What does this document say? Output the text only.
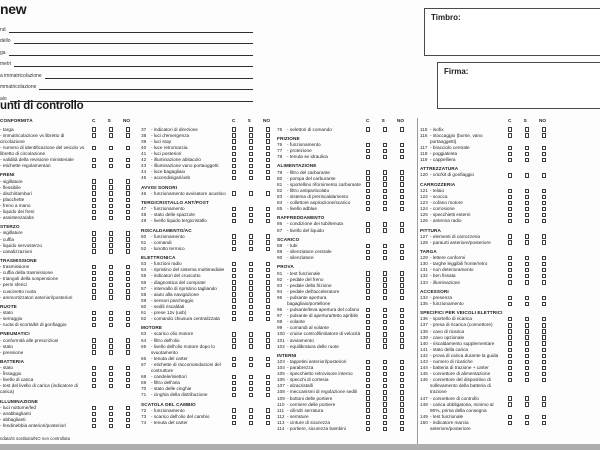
new
nd
dello
ga
metri
a immatricolazione
mmatricolazione
aio
Timbro:
Firma:
unti di controllo
CONFORMITÀ	C	S	NO
- targa
- immatricolazione vs libretto di circolazione
- numero di identificazione del veicolo vs libretto di circolazione
- validità della revisione ministeriale
- etichette regolamentari
FRENI
- sigillature
- flessibile
- dischi/tamburi
- placchette
- freno a mano
- liquido dei freni
- assistenza/abs
STERZO
- sigillature
- cuffia
- liquido servosterzo
- canalizzazioni
TRASMISSIONE
- trasmissione
- cuffia della trasmissione
- triangoli della sospensione
- perni sferici
- cuscinetto ruota
- ammortizzatori anteriori/posteriori
RUOTE
- stato
- serraggio
- ruota di scorta/kit di gonfiaggio
PNEUMATICI
- conformità alle prescrizioni
- stato
- pressione
BATTERIA
- stato
- fissaggio
- livello di carica
- test del livello di carica (indicatore di carica)
ILLUMINAZIONE
- luci notturne/led
- anabbaglianti
- abbaglianti
- fendinebbia anteriori/posteriori
C	S	NO
37	- indicatori di direzione
38	- luci d'emergenza
39	- luci stop
40	- luce retromarcia
41	- luci posteriori
42	- illuminazione abitacolo
43	- illuminazione vano portaoggetti
44	- luce bagagliaio
45	- accendisigari/usb
AVVISI SONORI
46	- funzionamento avvisatore acustico
TERGICRISTALLO ANT/POST
47	- funzionamento
48	- stato delle spazzole
49	- livello liquido tergicristallo
RISCALDAMENTO/AC
50	- funzionamento
51	- comandi
52	- lunotto termico
ELETTRONICA
53	- funzioni radio
54	- ripristino del sistema multimediale
55	- indicatori del cruscotto
56	- diagnostica del computer
57	- intervallo di ripristino tagliando
58	- aiuto alla navigazione
59	- sensori parcheggio
60	- sedili riscaldati
61	- prese 12v (usb)
62	- comando chiusura centralizzata
MOTORE
63	- scarico olio motore
64	- filtro dell'olio
65	- livello dell'olio motore dopo lo svuotamento
66	- tenuta del carter
67	- etichette di raccomandazioni del costruttore
68	- candele/iniettori
69	- filtro dell'aria
70	- stato delle cinghie
71	- cinghia della distribuzione
SCATOLA DEL CAMBIO
72	- funzionamento
73	- scarico dell'olio del cambio
74	- tenuta del carter
C	S	NO
75	- selettori di comando
FRIZIONE
76	- funzionamento
77	- protezione
78	- tenuta se idraulica
ALIMENTAZIONE
79	- filtro del carburante
80	- pompa del carburante
81	- sportellino rifornimento carburante
82	- filtro antiparticolato
83	- sistema di preriscaldamento
84	- collettore aspirazione/scarico
85	- livello adblue
RAFFREDDAMENTO
86	- condizione dei tubi/tenuta
87	- livello del liquido
SCARICO
88	- tubi
89	- silenziatore centrale
90	- silenziatore
PROVA
91	- test funzionale
92	- pedale del freno
93	- pedale della frizione
94	- pedale dell'acceleratore
95	- pulsante apertura bagagliaio/portellone
96	- pulsante/leva apertura del cofano
97	- pulsante di apertura/tetto apribile
98	- volante
99	- comandi al volante
100 - cruise control/limitatore di velocità
101 - avviamento
102 - equilibratura delle ruote
INTERNI
103 - tappetini anteriori/posteriori
104 - parabrezza
105 - specchietto retrovisore interno
106 - specchi di cortesia
107 - alzacristalli
108 - meccanismi di regolazione sedili
109 - bottoni delle portiere
110 - cerniere delle portiere
111 - cilindri serratura
112 - serrature
113 - cinture di sicurezza
114 - portiere, sicurezza bambini
C	S	NO
115 - isofix
116 - stoccaggio (borse, vano portaoggetti)
117 - bracciolo centrale
118 - poggiatesta
119 - cappelliera
ATTREZZATURA
120 - cric/kit di gonfiaggio
CARROZZERIA
121 - telaio
122 - scocca
123 - cofano motore
124 - corrosione
125 - specchietti esterni
126 - antenna radio
PITTURA
127 - elementi di carrozzeria
128 - paraurti anteriore/posteriore
TARGA
129 - lettere conformi
130 - targhe leggibili fronte/retro
131 - non deterioramento
132 - ben fissata
133 - illuminazione
ACCESSORI
134 - presenza
135 - funzionamento
SPECIFICI PER VEICOLI ELETTRICI
136 - sportello di ricarica
137 - presa di ricarica (connettore)
138 - cavo di ricarica
139 - cavo opzionale
140 - riscaldamento supplementare
141 - stato della carica
142 - prova di carica durante la guida
143 - numero di ricariche
144 - batteria di trazione + carter
145 - connettore di alimentazione
146 - connettore del dispositivo di sollevamento della batteria di trazione
147 - connettore di controllo
148 - carica obbligatoria, minimo al 90%, prima della consegna
149 - test funzionale
150 - indicatore marcia anteriore/posteriore
ndata/S sostituita/NO non controllata
